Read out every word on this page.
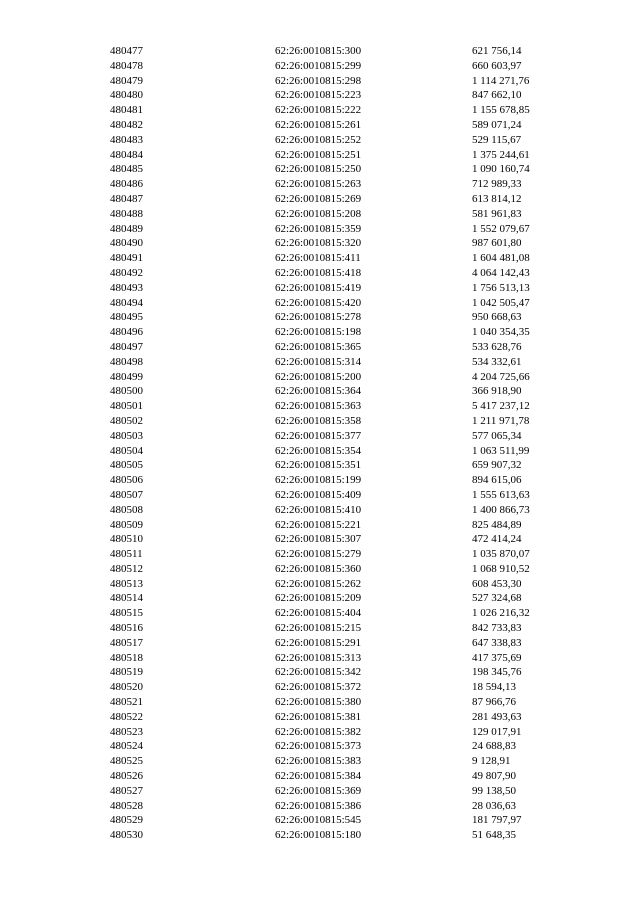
480477	62:26:0010815:300	621 756,14
480478	62:26:0010815:299	660 603,97
480479	62:26:0010815:298	1 114 271,76
480480	62:26:0010815:223	847 662,10
480481	62:26:0010815:222	1 155 678,85
480482	62:26:0010815:261	589 071,24
480483	62:26:0010815:252	529 115,67
480484	62:26:0010815:251	1 375 244,61
480485	62:26:0010815:250	1 090 160,74
480486	62:26:0010815:263	712 989,33
480487	62:26:0010815:269	613 814,12
480488	62:26:0010815:208	581 961,83
480489	62:26:0010815:359	1 552 079,67
480490	62:26:0010815:320	987 601,80
480491	62:26:0010815:411	1 604 481,08
480492	62:26:0010815:418	4 064 142,43
480493	62:26:0010815:419	1 756 513,13
480494	62:26:0010815:420	1 042 505,47
480495	62:26:0010815:278	950 668,63
480496	62:26:0010815:198	1 040 354,35
480497	62:26:0010815:365	533 628,76
480498	62:26:0010815:314	534 332,61
480499	62:26:0010815:200	4 204 725,66
480500	62:26:0010815:364	366 918,90
480501	62:26:0010815:363	5 417 237,12
480502	62:26:0010815:358	1 211 971,78
480503	62:26:0010815:377	577 065,34
480504	62:26:0010815:354	1 063 511,99
480505	62:26:0010815:351	659 907,32
480506	62:26:0010815:199	894 615,06
480507	62:26:0010815:409	1 555 613,63
480508	62:26:0010815:410	1 400 866,73
480509	62:26:0010815:221	825 484,89
480510	62:26:0010815:307	472 414,24
480511	62:26:0010815:279	1 035 870,07
480512	62:26:0010815:360	1 068 910,52
480513	62:26:0010815:262	608 453,30
480514	62:26:0010815:209	527 324,68
480515	62:26:0010815:404	1 026 216,32
480516	62:26:0010815:215	842 733,83
480517	62:26:0010815:291	647 338,83
480518	62:26:0010815:313	417 375,69
480519	62:26:0010815:342	198 345,76
480520	62:26:0010815:372	18 594,13
480521	62:26:0010815:380	87 966,76
480522	62:26:0010815:381	281 493,63
480523	62:26:0010815:382	129 017,91
480524	62:26:0010815:373	24 688,83
480525	62:26:0010815:383	9 128,91
480526	62:26:0010815:384	49 807,90
480527	62:26:0010815:369	99 138,50
480528	62:26:0010815:386	28 036,63
480529	62:26:0010815:545	181 797,97
480530	62:26:0010815:180	51 648,35
